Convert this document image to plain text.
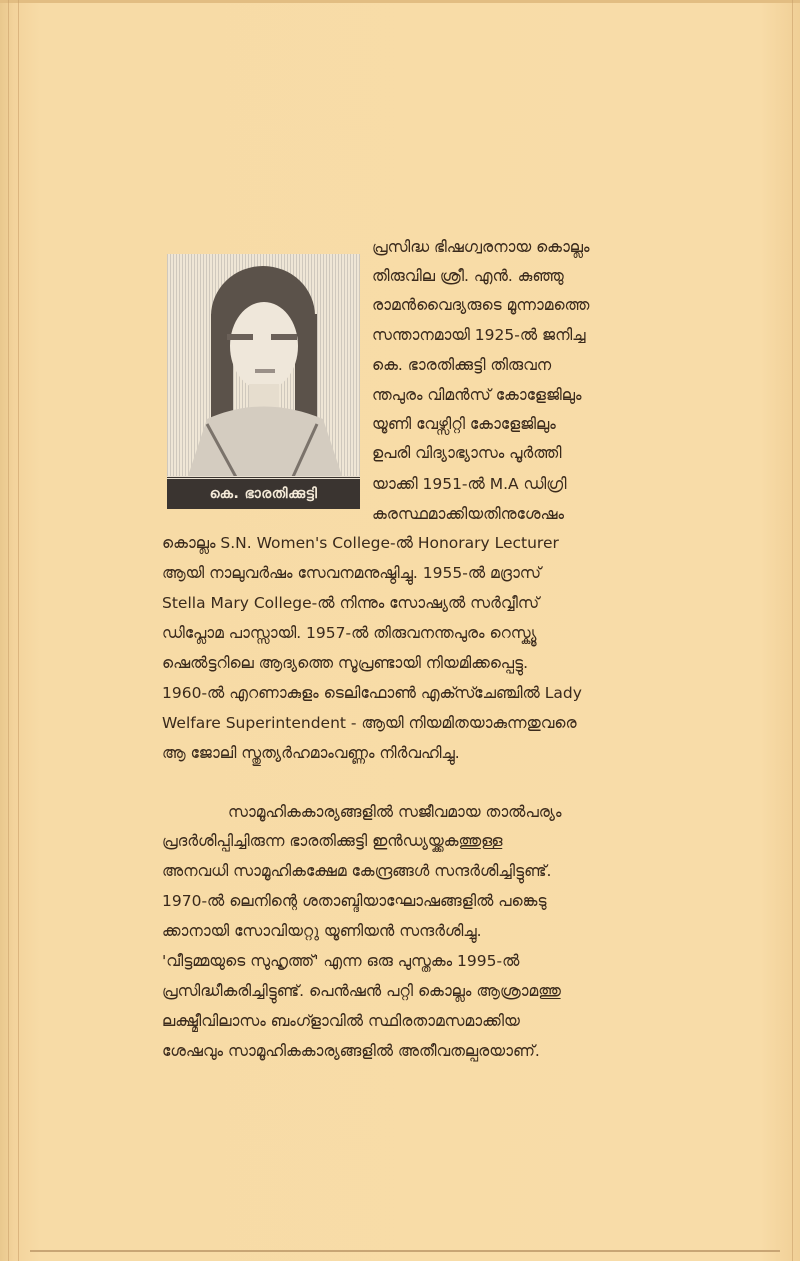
കെ. ഭാരതിക്കുട്ടി
പ്രസിദ്ധ ഭിഷഗ്വരനായ കൊല്ലം
തിരുവില ശ്രീ. എൻ. കുഞ്ഞു
രാമൻവൈദ്യരുടെ മൂന്നാമത്തെ
സന്താനമായി 1925-ൽ ജനിച്ച
കെ. ഭാരതിക്കുട്ടി തിരുവന
ന്തപുരം വിമൻസ് കോളേജിലും
യൂണി വേഴ്സിറ്റി കോളേജിലും
ഉപരി വിദ്യാഭ്യാസം പൂർത്തി
യാക്കി 1951-ൽ M.A ഡിഗ്രി
കരസ്ഥമാക്കിയതിനുശേഷം
കൊല്ലം S.N. Women's College-ൽ Honorary Lecturer
ആയി നാലുവർഷം സേവനമനുഷ്ഠിച്ചു. 1955-ൽ മദ്രാസ്
Stella Mary College-ൽ നിന്നും സോഷ്യൽ സർവ്വീസ്
ഡിപ്ലോമ പാസ്സായി. 1957-ൽ തിരുവനന്തപുരം റെസ്ക്യൂ
ഷെൽട്ടറിലെ ആദ്യത്തെ സൂപ്രണ്ടായി നിയമിക്കപ്പെട്ടു.
1960-ൽ എറണാകുളം ടെലിഫോൺ എക്സ്ചേഞ്ചിൽ Lady
Welfare Superintendent - ആയി നിയമിതയാകുന്നതുവരെ
ആ ജോലി സ്തുത്യർഹമാംവണ്ണം നിർവഹിച്ചു.
സാമൂഹികകാര്യങ്ങളിൽ സജീവമായ താൽപര്യം
പ്രദർശിപ്പിച്ചിരുന്ന ഭാരതിക്കുട്ടി ഇൻഡ്യയ്ക്കകത്തുള്ള
അനവധി സാമൂഹികക്ഷേമ കേന്ദ്രങ്ങൾ സന്ദർശിച്ചിട്ടുണ്ട്.
1970-ൽ ലെനിന്റെ ശതാബ്ദിയാഘോഷങ്ങളിൽ പങ്കെടു
ക്കാനായി സോവിയറ്റു യൂണിയൻ സന്ദർശിച്ചു.
'വീട്ടമ്മയുടെ സുഹൃത്ത്' എന്ന ഒരു പുസ്തകം 1995-ൽ
പ്രസിദ്ധീകരിച്ചിട്ടുണ്ട്. പെൻഷൻ പറ്റി കൊല്ലം ആശ്രാമത്തു
ലക്ഷ്മീവിലാസം ബംഗ്ളാവിൽ സ്ഥിരതാമസമാക്കിയ
ശേഷവും സാമൂഹികകാര്യങ്ങളിൽ അതീവതല്പരയാണ്.
